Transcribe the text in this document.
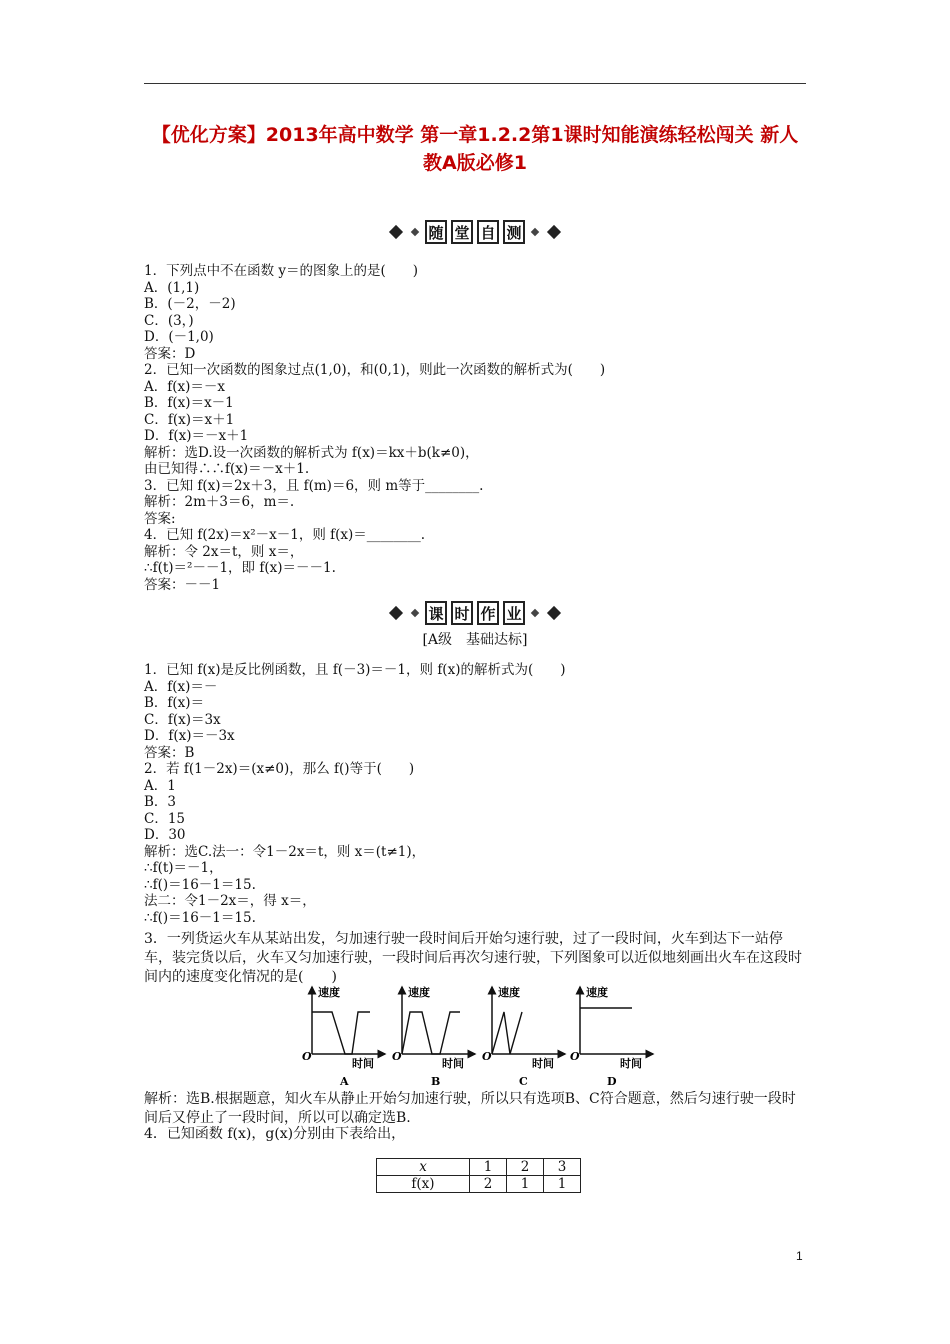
【优化方案】2013年高中数学 第一章1.2.2第1课时知能演练轻松闯关 新人教A版必修1
随 堂 自 测
1．下列点中不在函数 y＝的图象上的是(　　)
A．(1,1)
B．(－2，－2)
C．(3，)
D．(－1,0)
答案：D
2．已知一次函数的图象过点(1,0)，和(0,1)，则此一次函数的解析式为(　　)
A．f(x)＝－x
B．f(x)＝x－1
C．f(x)＝x＋1
D．f(x)＝－x＋1
解析：选D.设一次函数的解析式为 f(x)＝kx＋b(k≠0)，
由已知得∴∴f(x)＝－x＋1.
3．已知 f(x)＝2x＋3，且 f(m)＝6，则 m等于________.
解析：2m＋3＝6，m＝.
答案:
4．已知 f(2x)＝x²－x－1，则 f(x)＝________.
解析：令 2x＝t，则 x＝，
∴f(t)＝²－－1，即 f(x)＝－－1.
答案：－－1
课 时 作 业
[A级　基础达标]
1．已知 f(x)是反比例函数，且 f(－3)＝－1，则 f(x)的解析式为(　　)
A．f(x)＝－
B．f(x)＝
C．f(x)＝3x
D．f(x)＝－3x
答案：B
2．若 f(1－2x)＝(x≠0)，那么 f()等于(　　)
A．1
B．3
C．15
D．30
解析：选C.法一：令1－2x＝t，则 x＝(t≠1)，
∴f(t)＝－1，
∴f()＝16－1＝15.
法二：令1－2x＝，得 x＝，
∴f()＝16－1＝15.
3．一列货运火车从某站出发，匀加速行驶一段时间后开始匀速行驶，过了一段时间，火车到达下一站停车，装完货以后，火车又匀加速行驶，一段时间后再次匀速行驶，下列图象可以近似地刻画出火车在这段时间内的速度变化情况的是(　　)
速度
时间
O
A
速度
时间
O
B
速度
时间
O
C
速度
时间
O
D
解析：选B.根据题意，知火车从静止开始匀加速行驶，所以只有选项B、C符合题意，然后匀速行驶一段时间后又停止了一段时间，所以可以确定选B.
4．已知函数 f(x)，g(x)分别由下表给出，
x	1	2	3
f(x)	2	1	1
1
